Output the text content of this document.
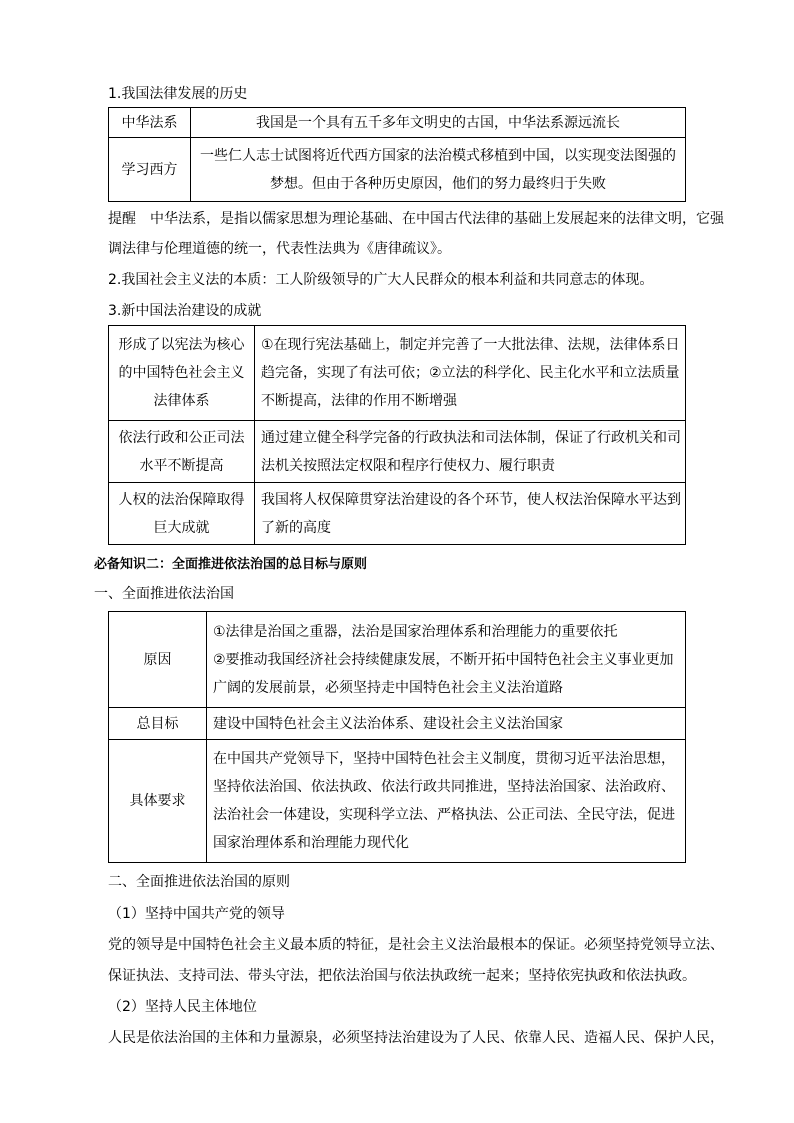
1.我国法律发展的历史
中华法系	我国是一个具有五千多年文明史的古国，中华法系源远流长

学习西方	一些仁人志士试图将近代西方国家的法治模式移植到中国，以实现变法图强的
梦想。但由于各种历史原因，他们的努力最终归于失败
提醒　中华法系，是指以儒家思想为理论基础、在中国古代法律的基础上发展起来的法律文明，它强
调法律与伦理道德的统一，代表性法典为《唐律疏议》。
2.我国社会主义法的本质：工人阶级领导的广大人民群众的根本利益和共同意志的体现。
3.新中国法治建设的成就
形成了以宪法为核心
的中国特色社会主义
法律体系	①在现行宪法基础上，制定并完善了一大批法律、法规，法律体系日
趋完备，实现了有法可依；②立法的科学化、民主化水平和立法质量
不断提高，法律的作用不断增强

依法行政和公正司法
水平不断提高	通过建立健全科学完备的行政执法和司法体制，保证了行政机关和司
法机关按照法定权限和程序行使权力、履行职责

人权的法治保障取得
巨大成就	我国将人权保障贯穿法治建设的各个环节，使人权法治保障水平达到
了新的高度
必备知识二：全面推进依法治国的总目标与原则
一、全面推进依法治国
原因	①法律是治国之重器，法治是国家治理体系和治理能力的重要依托
②要推动我国经济社会持续健康发展，不断开拓中国特色社会主义事业更加
广阔的发展前景，必须坚持走中国特色社会主义法治道路

总目标	建设中国特色社会主义法治体系、建设社会主义法治国家

具体要求	在中国共产党领导下，坚持中国特色社会主义制度，贯彻习近平法治思想，
坚持依法治国、依法执政、依法行政共同推进，坚持法治国家、法治政府、
法治社会一体建设，实现科学立法、严格执法、公正司法、全民守法，促进
国家治理体系和治理能力现代化
二、全面推进依法治国的原则
（1）坚持中国共产党的领导
党的领导是中国特色社会主义最本质的特征，是社会主义法治最根本的保证。必须坚持党领导立法、
保证执法、支持司法、带头守法，把依法治国与依法执政统一起来；坚持依宪执政和依法执政。
（2）坚持人民主体地位
人民是依法治国的主体和力量源泉，必须坚持法治建设为了人民、依靠人民、造福人民、保护人民，
